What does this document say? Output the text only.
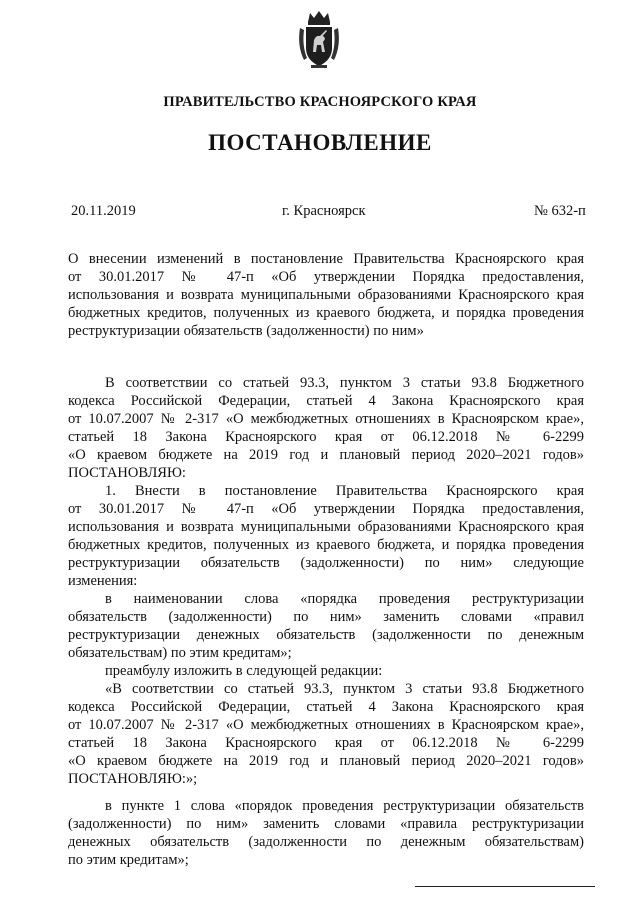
ПРАВИТЕЛЬСТВО КРАСНОЯРСКОГО КРАЯ
ПОСТАНОВЛЕНИЕ
20.11.2019	г. Красноярск	№ 632-п
О внесении изменений в постановление Правительства Красноярского края
от 30.01.2017 № 47-п «Об утверждении Порядка предоставления,
использования и возврата муниципальными образованиями Красноярского края
бюджетных кредитов, полученных из краевого бюджета, и порядка проведения
реструктуризации обязательств (задолженности) по ним»
В соответствии со статьей 93.3, пунктом 3 статьи 93.8 Бюджетного
кодекса Российской Федерации, статьей 4 Закона Красноярского края
от 10.07.2007 № 2-317 «О межбюджетных отношениях в Красноярском крае»,
статьей 18 Закона Красноярского края от 06.12.2018 № 6-2299
«О краевом бюджете на 2019 год и плановый период 2020–2021 годов»
ПОСТАНОВЛЯЮ:
1. Внести в постановление Правительства Красноярского края
от 30.01.2017 № 47-п «Об утверждении Порядка предоставления,
использования и возврата муниципальными образованиями Красноярского края
бюджетных кредитов, полученных из краевого бюджета, и порядка проведения
реструктуризации обязательств (задолженности) по ним» следующие
изменения:
в наименовании слова «порядка проведения реструктуризации
обязательств (задолженности) по ним» заменить словами «правил
реструктуризации денежных обязательств (задолженности по денежным
обязательствам) по этим кредитам»;
преамбулу изложить в следующей редакции:
«В соответствии со статьей 93.3, пунктом 3 статьи 93.8 Бюджетного
кодекса Российской Федерации, статьей 4 Закона Красноярского края
от 10.07.2007 № 2-317 «О межбюджетных отношениях в Красноярском крае»,
статьей 18 Закона Красноярского края от 06.12.2018 № 6-2299
«О краевом бюджете на 2019 год и плановый период 2020–2021 годов»
ПОСТАНОВЛЯЮ:»;
в пункте 1 слова «порядок проведения реструктуризации обязательств
(задолженности) по ним» заменить словами «правила реструктуризации
денежных обязательств (задолженности по денежным обязательствам)
по этим кредитам»;
